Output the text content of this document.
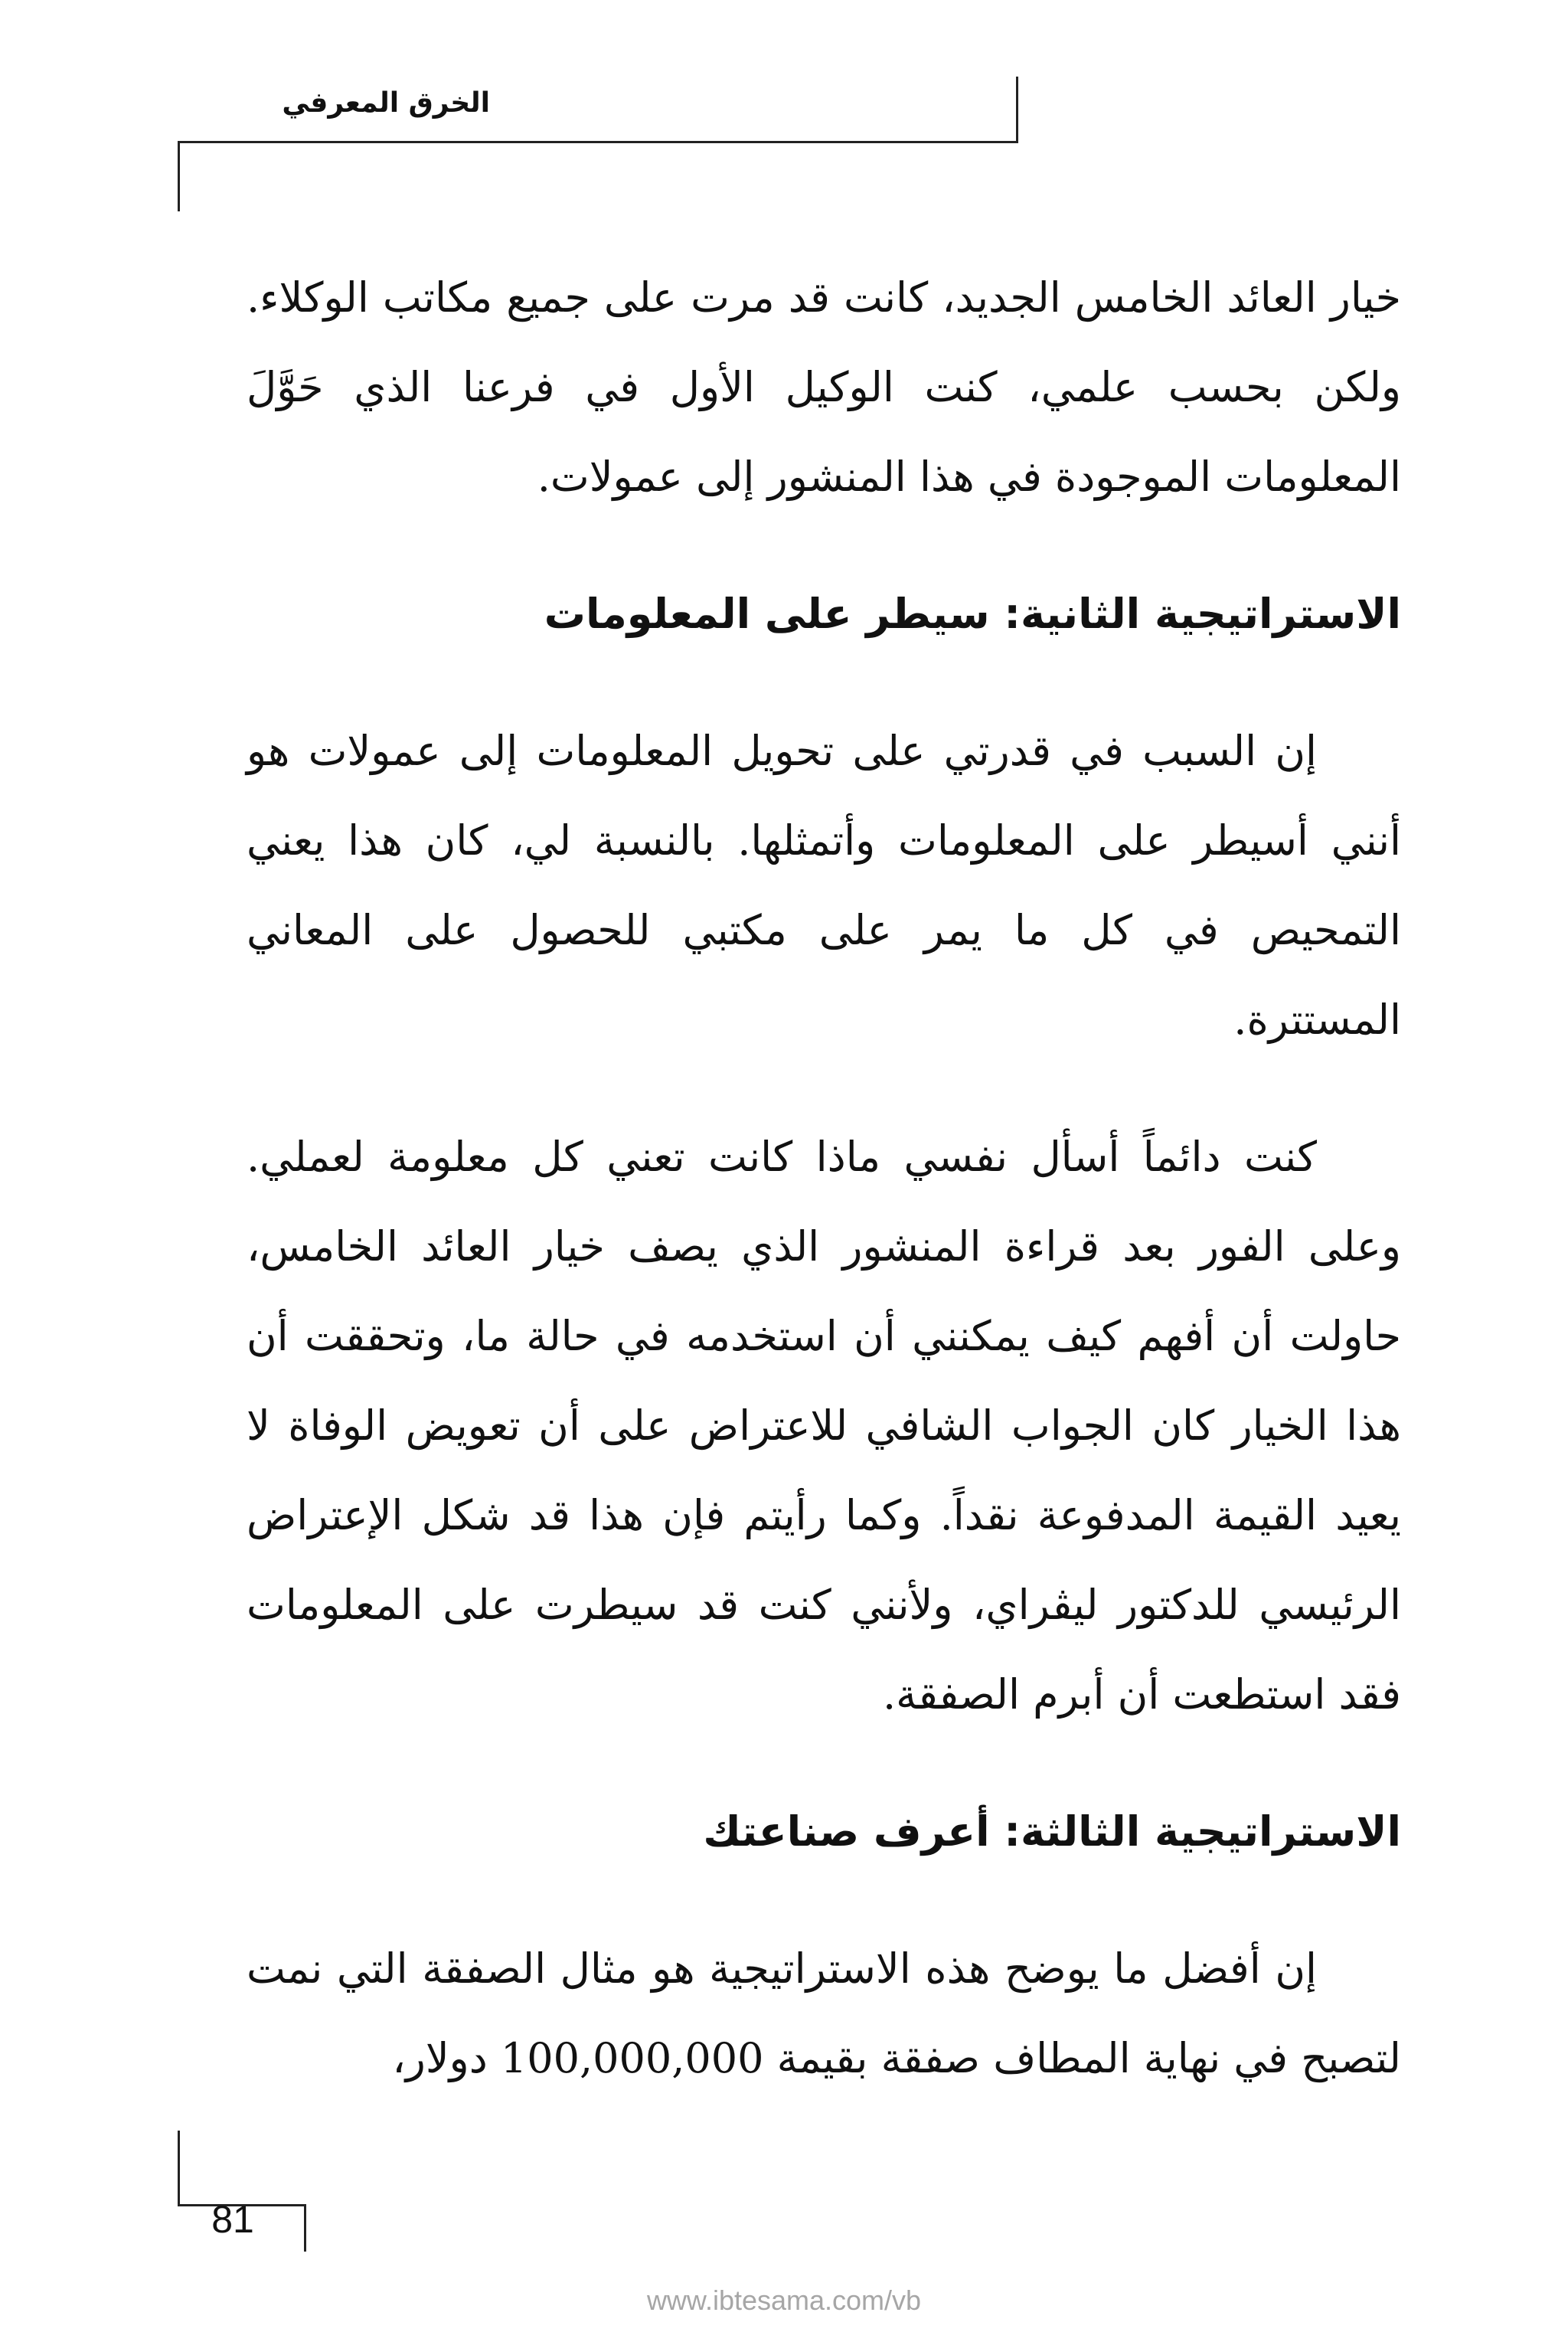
الخرق المعرفي

خيار العائد الخامس الجديد، كانت قد مرت على جميع مكاتب الوكلاء. ولكن بحسب علمي، كنت الوكيل الأول في فرعنا الذي حَوَّلَ المعلومات الموجودة في هذا المنشور إلى عمولات.

الاستراتيجية الثانية: سيطر على المعلومات

إن السبب في قدرتي على تحويل المعلومات إلى عمولات هو أنني أسيطر على المعلومات وأتمثلها. بالنسبة لي، كان هذا يعني التمحيص في كل ما يمر على مكتبي للحصول على المعاني المستترة.

كنت دائماً أسأل نفسي ماذا كانت تعني كل معلومة لعملي. وعلى الفور بعد قراءة المنشور الذي يصف خيار العائد الخامس، حاولت أن أفهم كيف يمكنني أن استخدمه في حالة ما، وتحققت أن هذا الخيار كان الجواب الشافي للاعتراض على أن تعويض الوفاة لا يعيد القيمة المدفوعة نقداً. وكما رأيتم فإن هذا قد شكل الإعتراض الرئيسي للدكتور ليڤراي، ولأنني كنت قد سيطرت على المعلومات فقد استطعت أن أبرم الصفقة.

الاستراتيجية الثالثة: أعرف صناعتك

إن أفضل ما يوضح هذه الاستراتيجية هو مثال الصفقة التي نمت لتصبح في نهاية المطاف صفقة بقيمة 100,000,000 دولار،

81
www.ibtesama.com/vb
